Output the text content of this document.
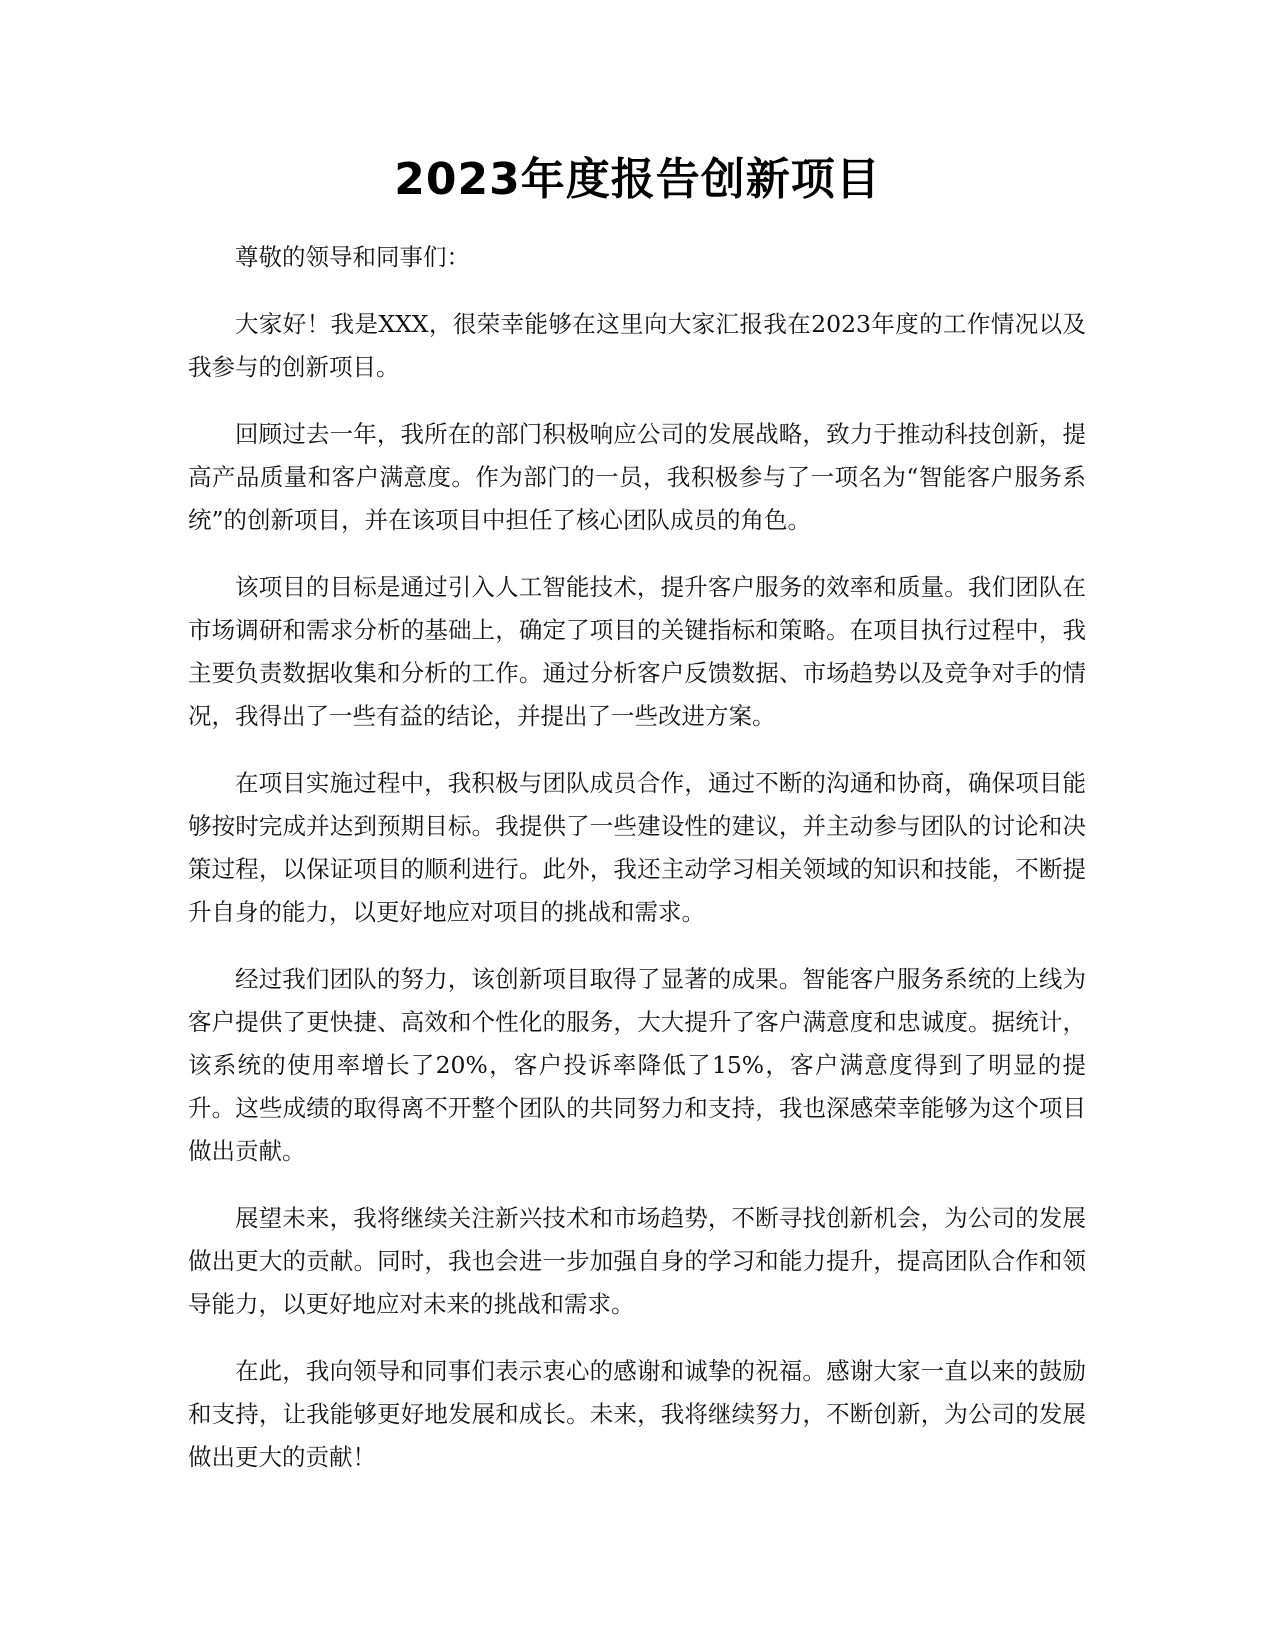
2023年度报告创新项目

尊敬的领导和同事们：

大家好！我是XXX，很荣幸能够在这里向大家汇报我在2023年度的工作情况以及我参与的创新项目。

回顾过去一年，我所在的部门积极响应公司的发展战略，致力于推动科技创新，提高产品质量和客户满意度。作为部门的一员，我积极参与了一项名为“智能客户服务系统”的创新项目，并在该项目中担任了核心团队成员的角色。

该项目的目标是通过引入人工智能技术，提升客户服务的效率和质量。我们团队在市场调研和需求分析的基础上，确定了项目的关键指标和策略。在项目执行过程中，我主要负责数据收集和分析的工作。通过分析客户反馈数据、市场趋势以及竞争对手的情况，我得出了一些有益的结论，并提出了一些改进方案。

在项目实施过程中，我积极与团队成员合作，通过不断的沟通和协商，确保项目能够按时完成并达到预期目标。我提供了一些建设性的建议，并主动参与团队的讨论和决策过程，以保证项目的顺利进行。此外，我还主动学习相关领域的知识和技能，不断提升自身的能力，以更好地应对项目的挑战和需求。

经过我们团队的努力，该创新项目取得了显著的成果。智能客户服务系统的上线为客户提供了更快捷、高效和个性化的服务，大大提升了客户满意度和忠诚度。据统计，该系统的使用率增长了20%，客户投诉率降低了15%，客户满意度得到了明显的提升。这些成绩的取得离不开整个团队的共同努力和支持，我也深感荣幸能够为这个项目做出贡献。

展望未来，我将继续关注新兴技术和市场趋势，不断寻找创新机会，为公司的发展做出更大的贡献。同时，我也会进一步加强自身的学习和能力提升，提高团队合作和领导能力，以更好地应对未来的挑战和需求。

在此，我向领导和同事们表示衷心的感谢和诚挚的祝福。感谢大家一直以来的鼓励和支持，让我能够更好地发展和成长。未来，我将继续努力，不断创新，为公司的发展做出更大的贡献！
